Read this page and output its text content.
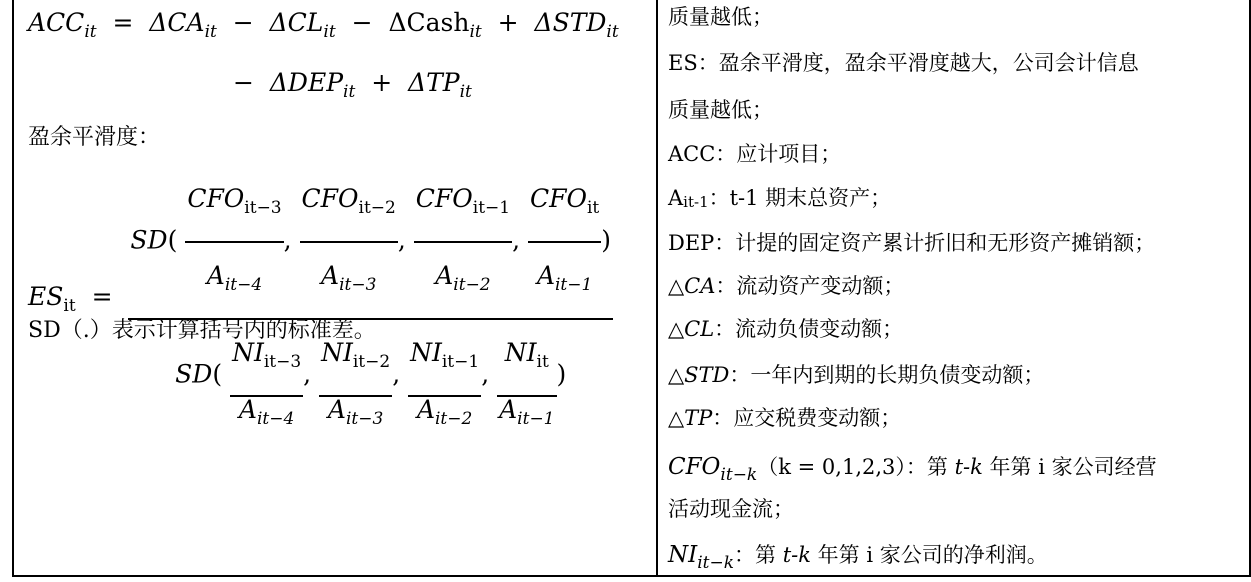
$ACC_{it} = \Delta CA_{it} - \Delta CL_{it}$  −  ΔCash$_{it}$  +  $\Delta STD_{it}$
−  $\Delta DEP_{it} + \Delta TP_{it}$
盈余平滑度：
$ES_{it}$  =
$SD( \frac{CFO_{it-3}}{A_{it-4}}$ , $\frac{CFO_{it-2}}{A_{it-3}}$ , $\frac{CFO_{it-1}}{A_{it-2}}$ , $\frac{CFO_{it}}{A_{it-1}}$ )
$SD( \frac{NI_{it-3}}{A_{it-4}}$ , $\frac{NI_{it-2}}{A_{it-3}}$ , $\frac{NI_{it-1}}{A_{it-2}}$ , $\frac{NI_{it}}{A_{it-1}}$ )
SD（.）表示计算括号内的标准差。
质量越低；
ES：盈余平滑度，盈余平滑度越大，公司会计信息
质量越低；
ACC：应计项目；
Ait-1：t-1 期末总资产；
DEP：计提的固定资产累计折旧和无形资产摊销额；
△CA：流动资产变动额；
△CL：流动负债变动额；
△STD：一年内到期的长期负债变动额；
△TP：应交税费变动额；
$CFO_{it-k}(k = 0,1,2,3)$：第 t-k 年第 i 家公司经营
活动现金流；
$NI_{it-k}$：第 t-k 年第 i 家公司的净利润。
